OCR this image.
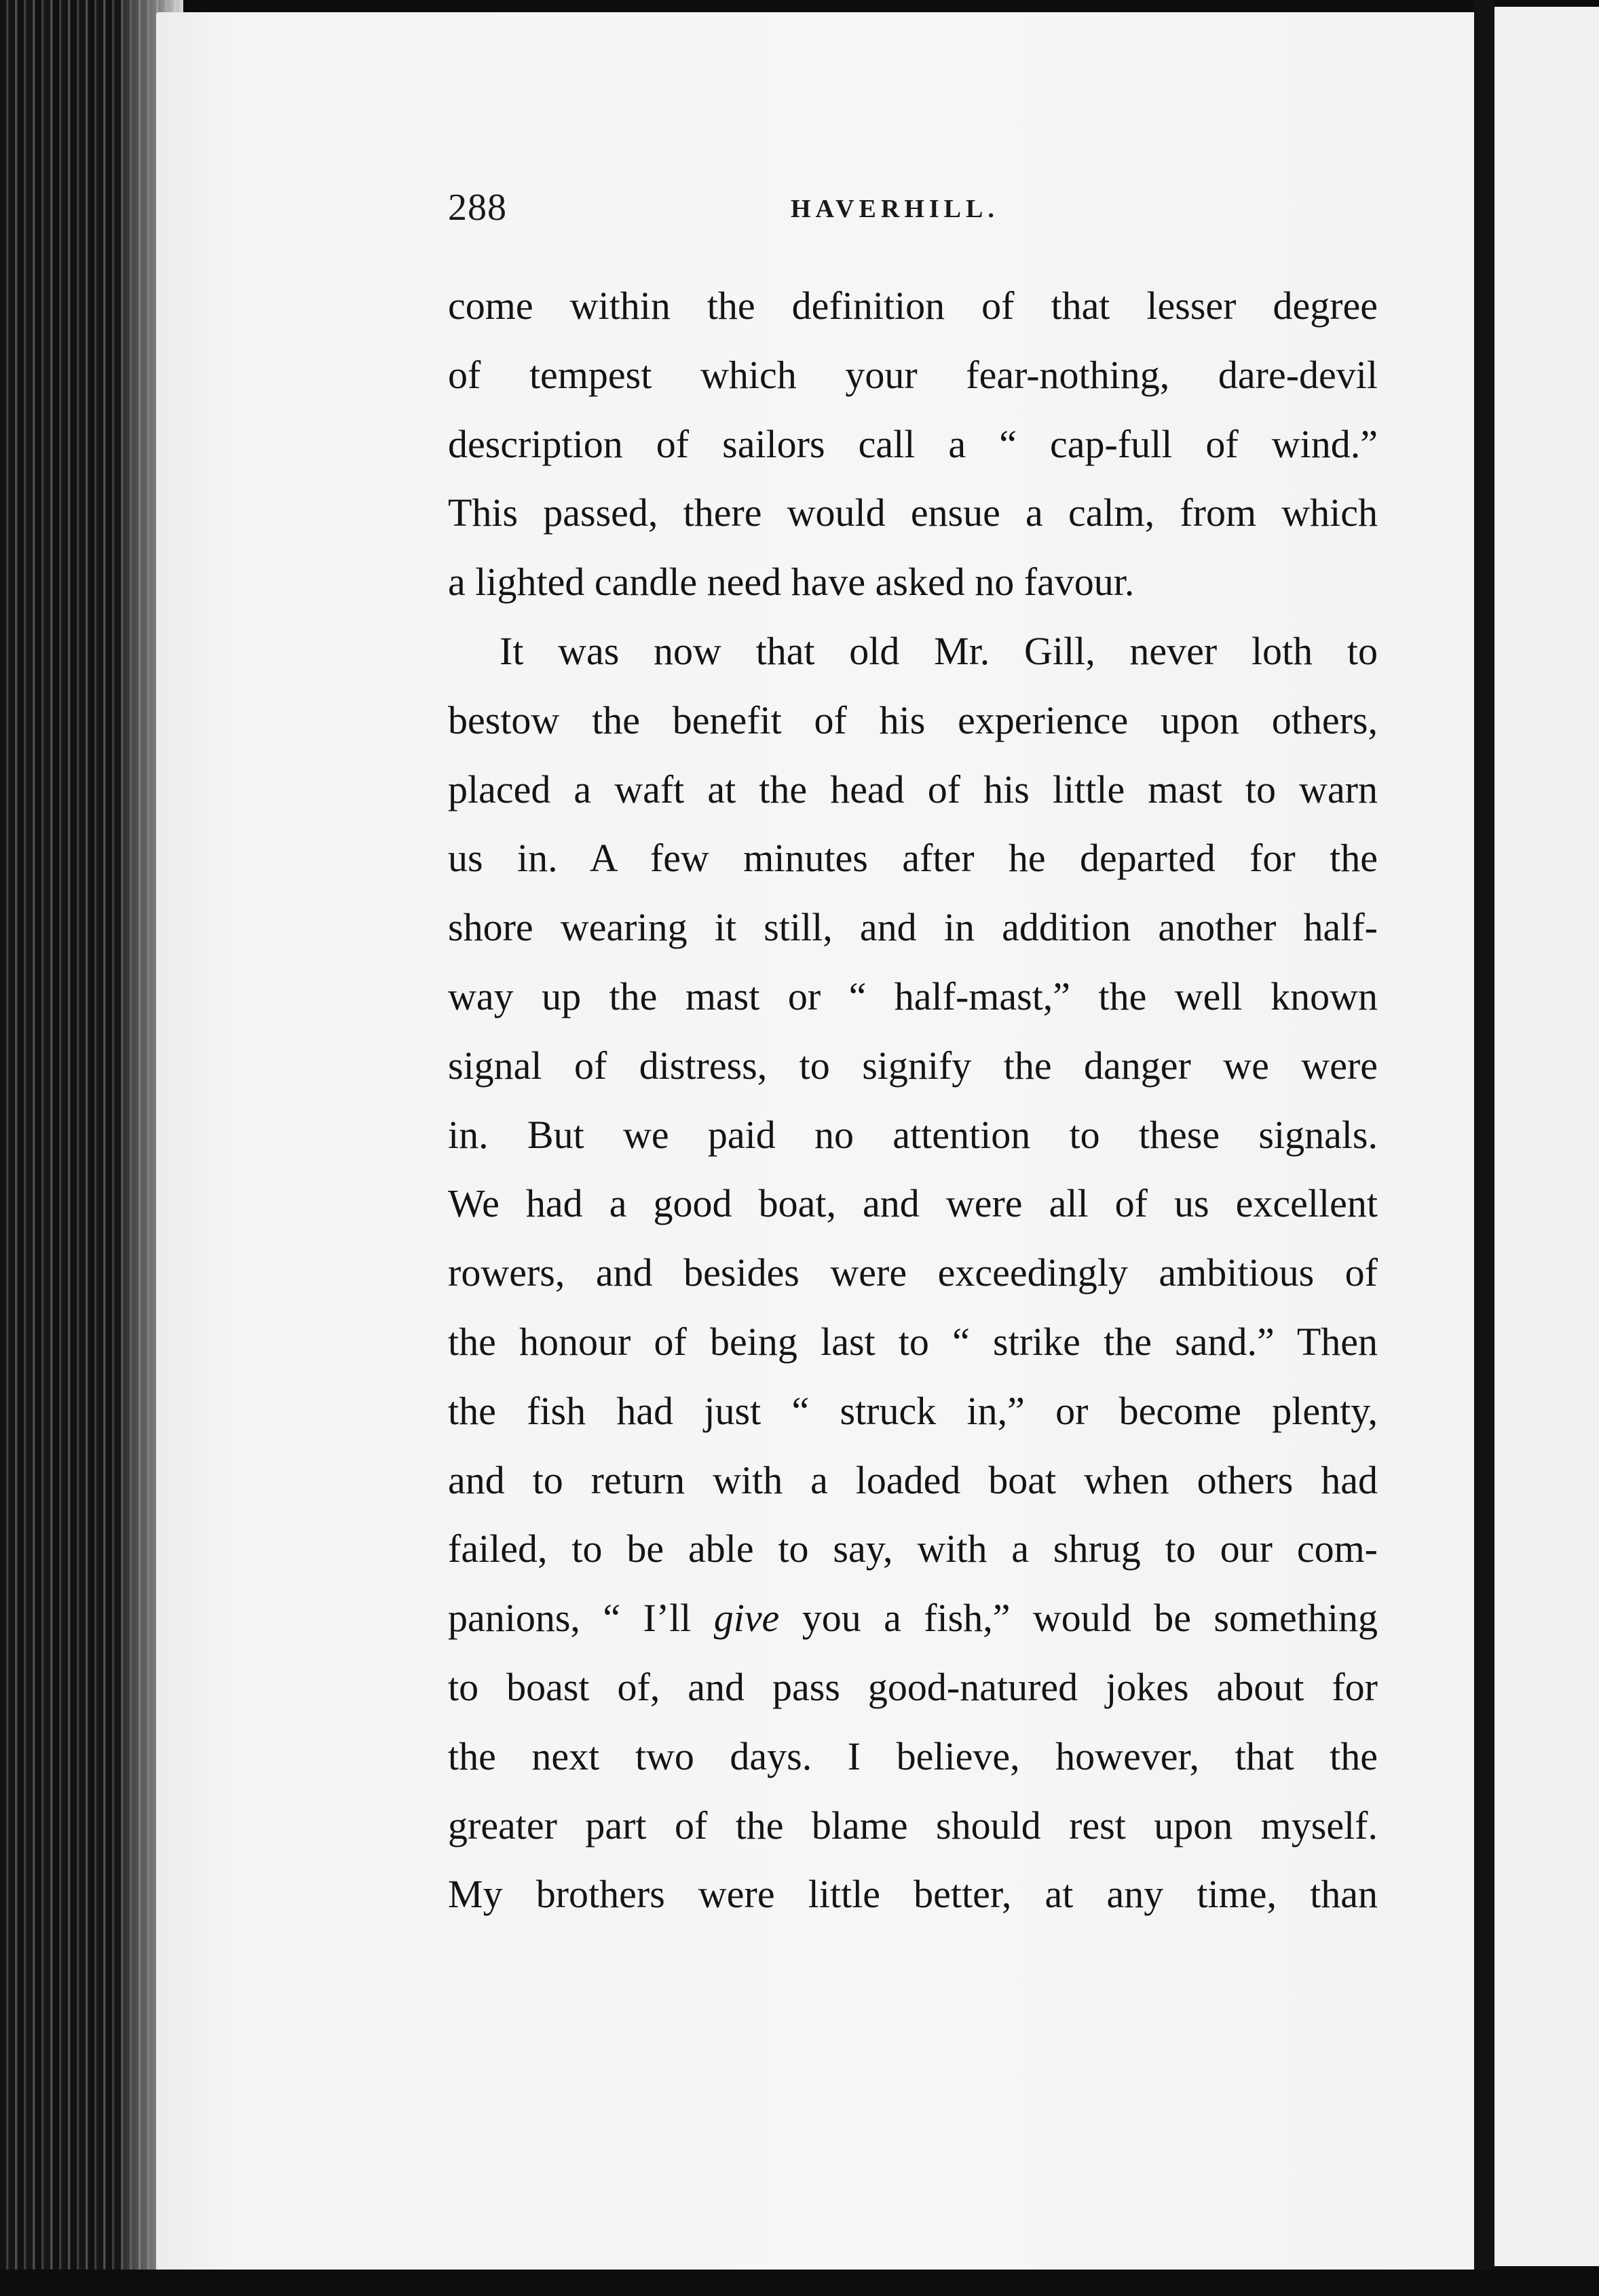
288	HAVERHILL.
come within the definition of that lesser degree
of tempest which your fear-nothing, dare-devil
description of sailors call a “ cap-full of wind.”
This passed, there would ensue a calm, from which
a lighted candle need have asked no favour.
It was now that old Mr. Gill, never loth to
bestow the benefit of his experience upon others,
placed a waft at the head of his little mast to warn
us in. A few minutes after he departed for the
shore wearing it still, and in addition another half-
way up the mast or “ half-mast,” the well known
signal of distress, to signify the danger we were
in. But we paid no attention to these signals.
We had a good boat, and were all of us excellent
rowers, and besides were exceedingly ambitious of
the honour of being last to “ strike the sand.” Then
the fish had just “ struck in,” or become plenty,
and to return with a loaded boat when others had
failed, to be able to say, with a shrug to our com-
panions, “ I’ll give you a fish,” would be something
to boast of, and pass good-natured jokes about for
the next two days. I believe, however, that the
greater part of the blame should rest upon myself.
My brothers were little better, at any time, than
